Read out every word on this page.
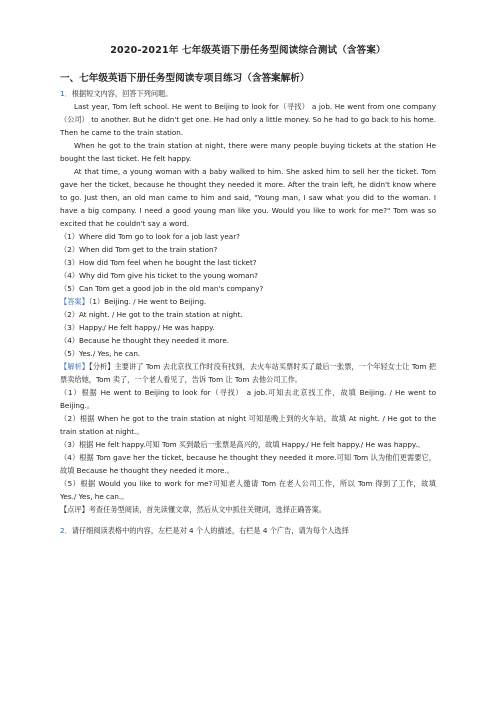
2020-2021年 七年级英语下册任务型阅读综合测试（含答案）
一、七年级英语下册任务型阅读专项目练习（含答案解析）

1．根据短文内容，回答下列问题。

Last year, Tom left school. He went to Beijing to look for（寻找） a job. He went from one company（公司） to another. But he didn't get one. He had only a little money. So he had to go back to his home. Then he came to the train station.

When he got to the train station at night, there were many people buying tickets at the station He bought the last ticket. He felt happy.

At that time, a young woman with a baby walked to him. She asked him to sell her the ticket. Tom gave her the ticket, because he thought they needed it more. After the train left, he didn't know where to go. Just then, an old man came to him and said, "Young man, I saw what you did to the woman. I have a big company. I need a good young man like you. Would you like to work for me?" Tom was so excited that he couldn't say a word.

（1）Where did Tom go to look for a job last year?

（2）When did Tom get to the train station?

（3）How did Tom feel when he bought the last ticket?

（4）Why did Tom give his ticket to the young woman?

（5）Can Tom get a good job in the old man's company?

【答案】（1）Beijing. / He went to Beijing.

（2）At night. / He got to the train station at night.

（3）Happy./ He felt happy./ He was happy.

（4）Because he thought they needed it more.

（5）Yes./ Yes, he can.

【解析】【分析】主要讲了 Tom 去北京找工作时没有找到，去火车站买票时买了最后一张票，一个年轻女士让 Tom 把票卖给她，Tom 卖了，一个老人看见了，告诉 Tom 让 Tom 去他公司工作。

（1）根据 He went to Beijing to look for（寻找） a job.可知去北京找工作，故填 Beijing. / He went to Beijing.。

（2）根据 When he got to the train station at night 可知是晚上到的火车站，故填 At night. / He got to the train station at night.。

（3）根据 He felt happy.可知 Tom 买到最后一张票是高兴的，故填 Happy./ He felt happy./ He was happy.。

（4）根据 Tom gave her the ticket, because he thought they needed it more.可知 Tom 认为他们更需要它，故填 Because he thought they needed it more.。

（5）根据 Would you like to work for me?可知老人邀请 Tom 在老人公司工作，所以 Tom 得到了工作，故填 Yes./ Yes, he can.。

【点评】考查任务型阅读，首先读懂文章，然后从文中抓住关键词，选择正确答案。

2．请仔细阅读表格中的内容，左栏是对 4 个人的描述，右栏是 4 个广告，请为每个人选择
